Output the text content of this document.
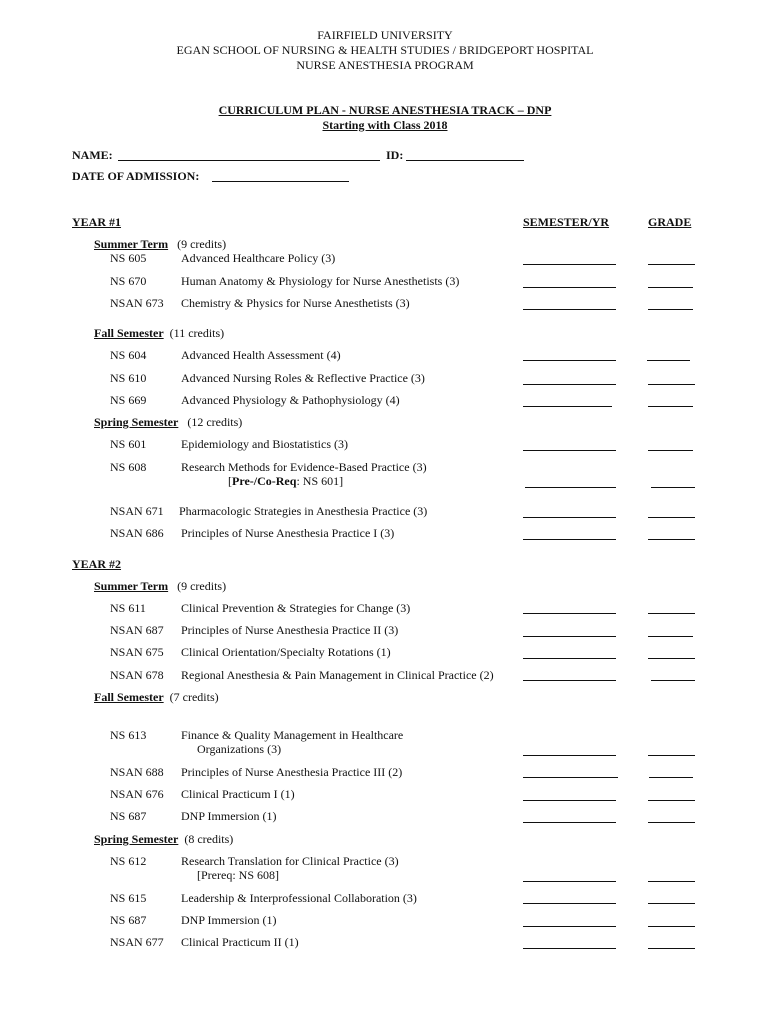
FAIRFIELD UNIVERSITY
EGAN SCHOOL OF NURSING & HEALTH STUDIES / BRIDGEPORT HOSPITAL
NURSE ANESTHESIA PROGRAM
CURRICULUM PLAN - NURSE ANESTHESIA TRACK – DNP
Starting with Class 2018
NAME:	ID:
DATE OF ADMISSION:
YEAR #1	SEMESTER/YR	GRADE
Summer Term (9 credits)
NS 605	Advanced Healthcare Policy (3)
NS 670	Human Anatomy & Physiology for Nurse Anesthetists (3)
NSAN 673 Chemistry & Physics for Nurse Anesthetists (3)
Fall Semester (11 credits)
NS 604	Advanced Health Assessment (4)
NS 610	Advanced Nursing Roles & Reflective Practice (3)
NS 669	Advanced Physiology & Pathophysiology (4)
Spring Semester (12 credits)
NS 601	Epidemiology and Biostatistics (3)
NS 608	Research Methods for Evidence-Based Practice (3)
[Pre-/Co-Req: NS 601]
NSAN 671 Pharmacologic Strategies in Anesthesia Practice (3)
NSAN 686 Principles of Nurse Anesthesia Practice I (3)
YEAR #2
Summer Term (9 credits)
NS 611	Clinical Prevention & Strategies for Change (3)
NSAN 687 Principles of Nurse Anesthesia Practice II (3)
NSAN 675 Clinical Orientation/Specialty Rotations (1)
NSAN 678 Regional Anesthesia & Pain Management in Clinical Practice (2)
Fall Semester (7 credits)
NS 613	Finance & Quality Management in Healthcare
Organizations (3)
NSAN 688 Principles of Nurse Anesthesia Practice III (2)
NSAN 676 Clinical Practicum I (1)
NS 687	DNP Immersion (1)
Spring Semester (8 credits)
NS 612	Research Translation for Clinical Practice (3)
[Prereq: NS 608]
NS 615	Leadership & Interprofessional Collaboration (3)
NS 687	DNP Immersion (1)
NSAN 677 Clinical Practicum II (1)
